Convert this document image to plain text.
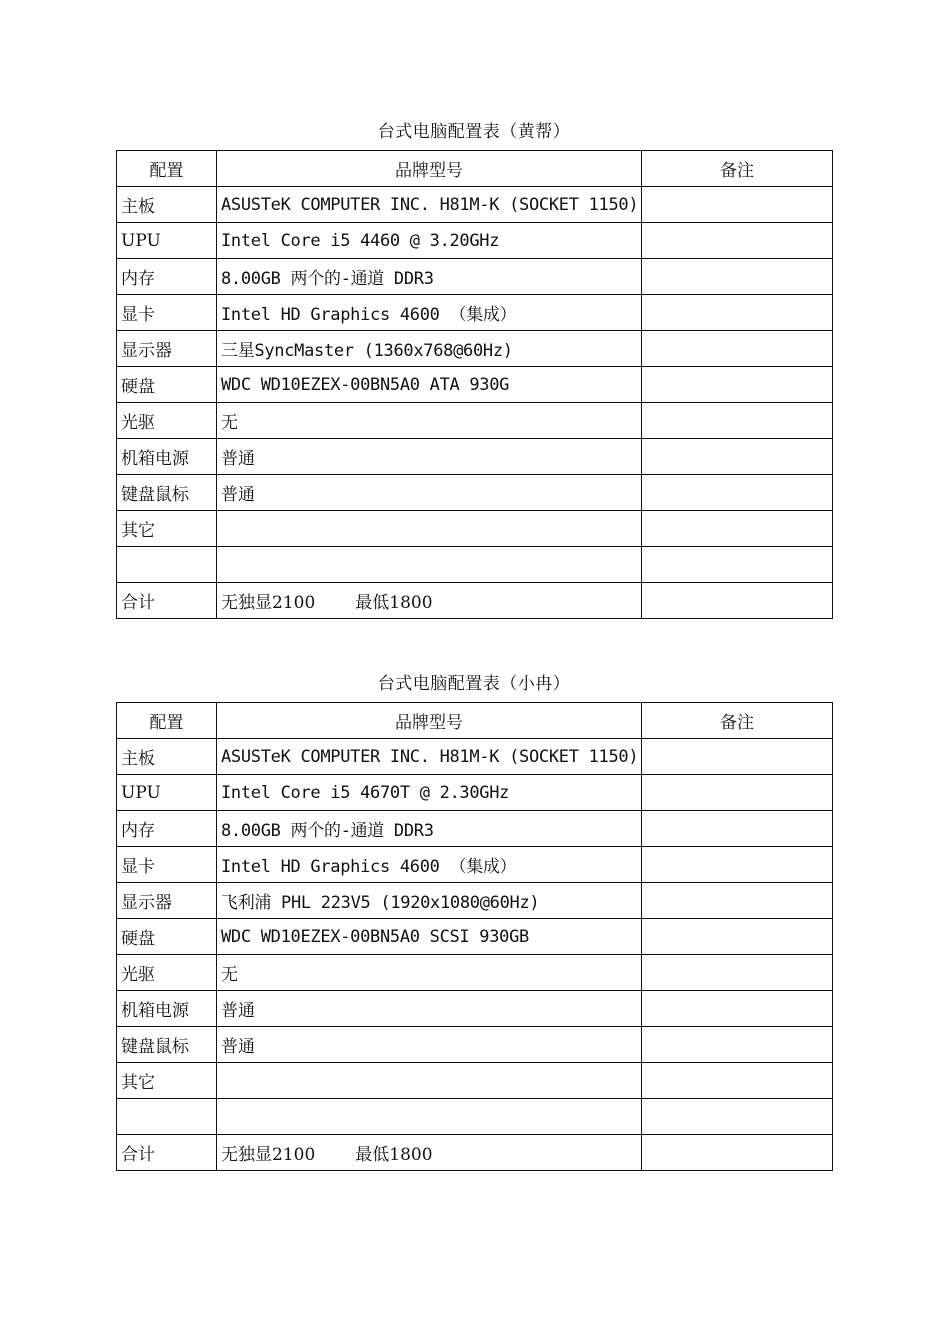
台式电脑配置表（黄帮）
配置	品牌型号	备注
主板	ASUSTeK COMPUTER INC. H81M-K (SOCKET 1150)	
UPU	Intel Core i5 4460 @ 3.20GHz	
内存	8.00GB 两个的-通道 DDR3	
显卡	Intel HD Graphics 4600 （集成）	
显示器	三星SyncMaster (1360x768@60Hz)	
硬盘	WDC WD10EZEX-00BN5A0 ATA 930G	
光驱	无	
机箱电源	普通	
键盘鼠标	普通	
其它		

合计	无独显2100 最低1800	
台式电脑配置表（小冉）
配置	品牌型号	备注
主板	ASUSTeK COMPUTER INC. H81M-K (SOCKET 1150)	
UPU	Intel Core i5 4670T @ 2.30GHz	
内存	8.00GB 两个的-通道 DDR3	
显卡	Intel HD Graphics 4600 （集成）	
显示器	飞利浦 PHL 223V5 (1920x1080@60Hz)	
硬盘	WDC WD10EZEX-00BN5A0 SCSI 930GB	
光驱	无	
机箱电源	普通	
键盘鼠标	普通	
其它		

合计	无独显2100 最低1800	
